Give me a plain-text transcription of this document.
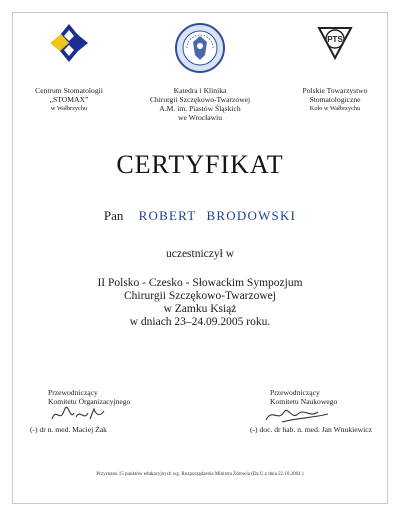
Centrum Stomatologii
„STOMAX”
w Wałbrzychu
Katedra i Klinika
Chirurgii Szczękowo-Twarzowej
A.M. im. Piastów Śląskich
we Wrocławiu
PTS
Polskie Towarzystwo
Stomatologiczne
Koło w Wałbrzychu
CERTYFIKAT
Pan ROBERT BRODOWSKI
uczestniczył w
II Polsko - Czesko - Słowackim Sympozjum
Chirurgii Szczękowo-Twarzowej
w Zamku Książ
w dniach 23–24.09.2005 roku.
Przewodniczący
Komitetu Organizacyjnego
(-) dr n. med. Maciej Żak
Przewodniczący
Komitetu Naukowego
(-) doc. dr hab. n. med. Jan Wnukiewicz
Przyznano 15 punktów edukacyjnych wg. Rozporządzenia Ministra Zdrowia (Dz.U.z dnia 22.10.2004 )
